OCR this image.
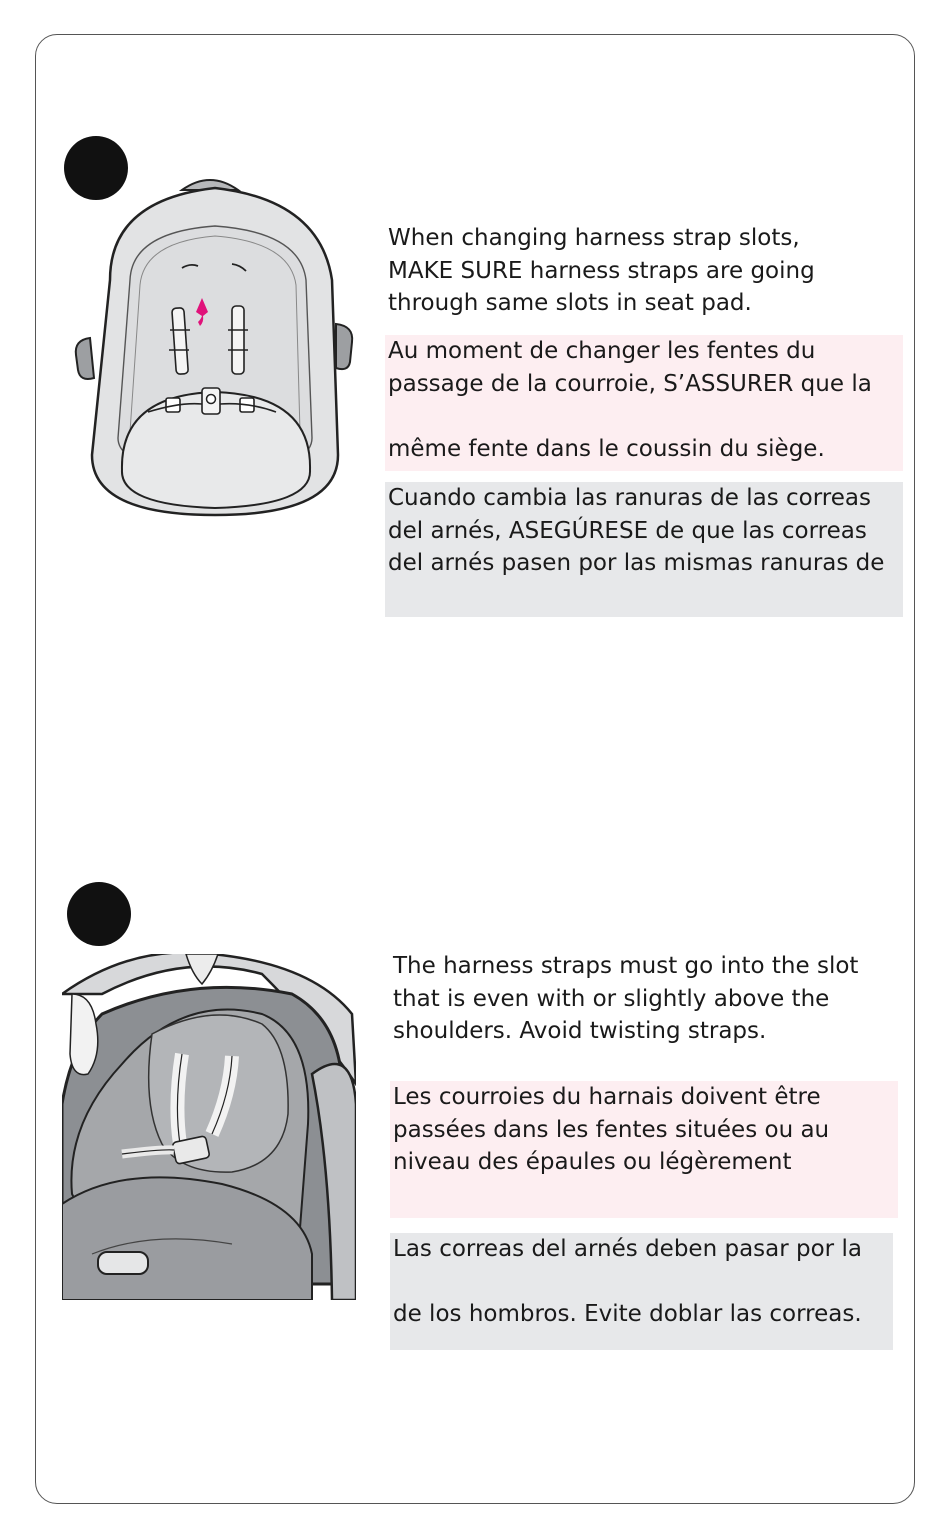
When changing harness strap slots,
MAKE SURE harness straps are going
through same slots in seat pad.
Au moment de changer les fentes du
passage de la courroie, S’ASSURER que la
même fente dans le coussin du siège.
Cuando cambia las ranuras de las correas
del arnés, ASEGÚRESE de que las correas
del arnés pasen por las mismas ranuras de
The harness straps must go into the slot
that is even with or slightly above the
shoulders. Avoid twisting straps.
Les courroies du harnais doivent être
passées dans les fentes situées ou au
niveau des épaules ou légèrement
Las correas del arnés deben pasar por la
de los hombros. Evite doblar las correas.
